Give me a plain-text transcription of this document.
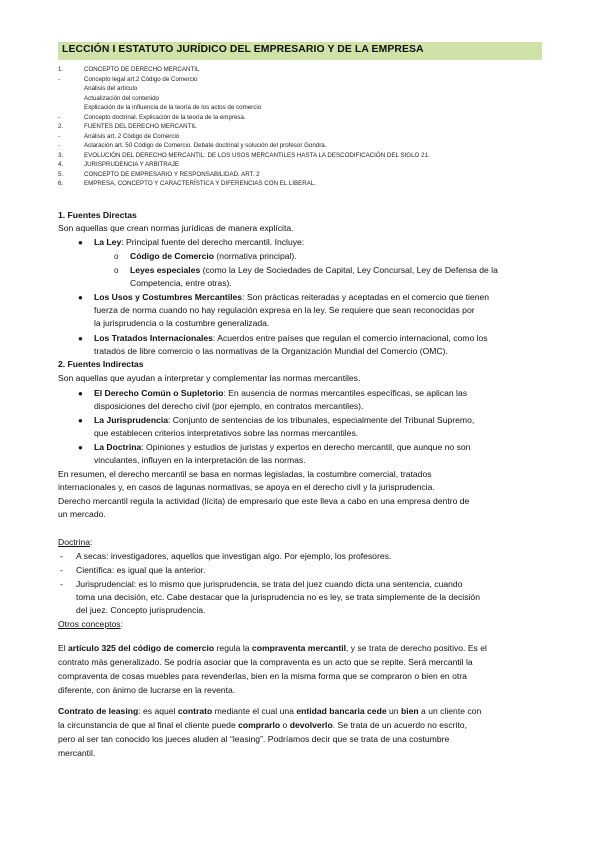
LECCIÓN I ESTATUTO JURÍDICO DEL EMPRESARIO Y DE LA EMPRESA
1.	CONCEPTO DE DERECHO MERCANTIL
-	Concepto legal art.2 Código de Comercio
Análisis del artículo
Actualización del contenido
Explicación de la influencia de la teoría de los actos de comercio
-	Concepto doctrinal. Explicación de la teoría de la empresa.
2.	FUENTES DEL DERECHO MERCANTIL
-	Análisis art. 2 Código de Comercio
-	Aclaración art. 50 Código de Comercio. Debate doctrinal y solución del profesor Gondra.
3.	EVOLUCIÓN DEL DERECHO MERCANTIL: DE LOS USOS MERCANTILES HASTA LA DESCODIFICACIÓN DEL SIGLO 21.
4.	JURISPRUDENCIA Y ARBITRAJE
5.	CONCEPTO DE EMPRESARIO Y RESPONSABILIDAD. ART. 2
6.	EMPRESA, CONCEPTO Y CARACTERÍSTICA Y DIFERENCIAS CON EL LIBERAL.
1. Fuentes Directas
Son aquellas que crean normas jurídicas de manera explícita.
● La Ley: Principal fuente del derecho mercantil. Incluye:
o Código de Comercio (normativa principal).
o Leyes especiales (como la Ley de Sociedades de Capital, Ley Concursal, Ley de Defensa de la
Competencia, entre otras).
● Los Usos y Costumbres Mercantiles: Son prácticas reiteradas y aceptadas en el comercio que tienen
fuerza de norma cuando no hay regulación expresa en la ley. Se requiere que sean reconocidas por
la jurisprudencia o la costumbre generalizada.
● Los Tratados Internacionales: Acuerdos entre países que regulan el comercio internacional, como los
tratados de libre comercio o las normativas de la Organización Mundial del Comercio (OMC).
2. Fuentes Indirectas
Son aquellas que ayudan a interpretar y complementar las normas mercantiles.
● El Derecho Común o Supletorio: En ausencia de normas mercantiles específicas, se aplican las
disposiciones del derecho civil (por ejemplo, en contratos mercantiles).
● La Jurisprudencia: Conjunto de sentencias de los tribunales, especialmente del Tribunal Supremo,
que establecen criterios interpretativos sobre las normas mercantiles.
● La Doctrina: Opiniones y estudios de juristas y expertos en derecho mercantil, que aunque no son
vinculantes, influyen en la interpretación de las normas.
En resumen, el derecho mercantil se basa en normas legisladas, la costumbre comercial, tratados
internacionales y, en casos de lagunas normativas, se apoya en el derecho civil y la jurisprudencia.
Derecho mercantil regula la actividad (lícita) de empresario que este lleva a cabo en una empresa dentro de
un mercado.
Doctrina:
- A secas: investigadores, aquellos que investigan algo. Por ejemplo, los profesores.
- Científica: es igual que la anterior.
- Jurisprudencial: es lo mismo que jurisprudencia, se trata del juez cuando dicta una sentencia, cuando
toma una decisión, etc. Cabe destacar que la jurisprudencia no es ley, se trata simplemente de la decisión
del juez. Concepto jurisprudencia.
Otros conceptos:
El artículo 325 del código de comercio regula la compraventa mercantil, y se trata de derecho positivo. Es el
contrato más generalizado. Se podría asociar que la compraventa es un acto que se repite. Será mercantil la
compraventa de cosas muebles para revenderlas, bien en la misma forma que se compraron o bien en otra
diferente, con ánimo de lucrarse en la reventa.
Contrato de leasing: es aquel contrato mediante el cual una entidad bancaria cede un bien a un cliente con
la circunstancia de que al final el cliente puede comprarlo o devolverlo. Se trata de un acuerdo no escrito,
pero al ser tan conocido los jueces aluden al “leasing”. Podríamos decir que se trata de una costumbre
mercantil.
